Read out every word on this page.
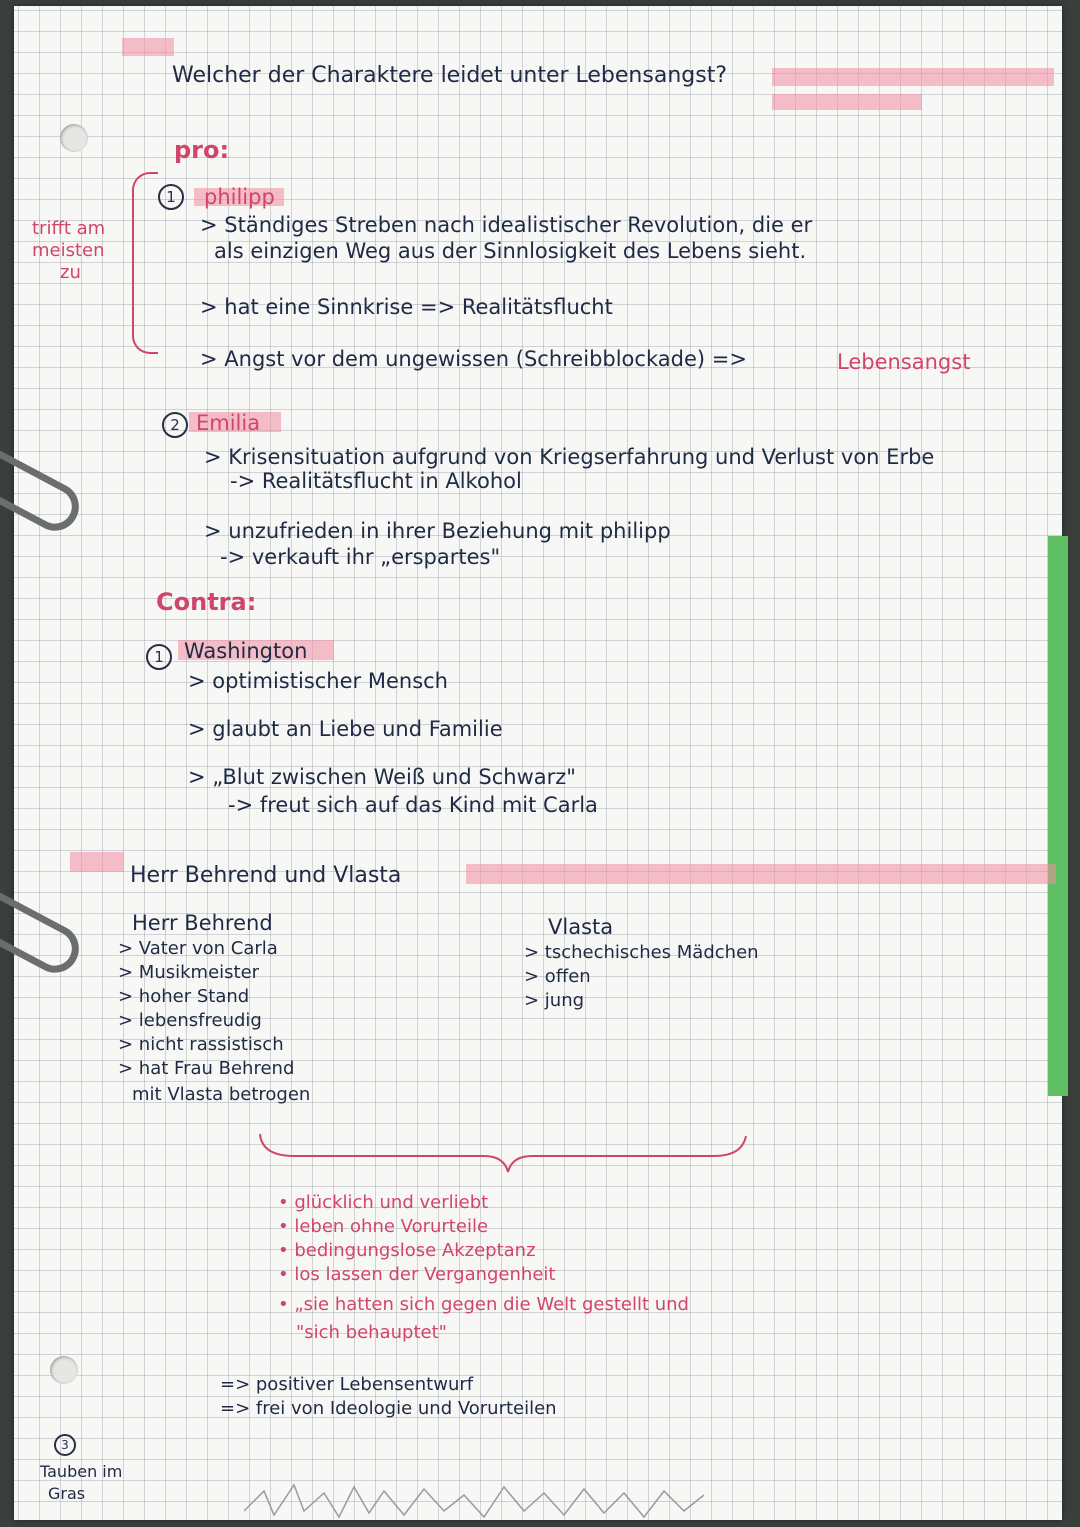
Welcher der Charaktere leidet unter Lebensangst?
pro:
trifft am
meisten
zu
1	philipp
> Ständiges Streben nach idealistischer Revolution, die er
als einzigen Weg aus der Sinnlosigkeit des Lebens sieht.
> hat eine Sinnkrise => Realitätsflucht
> Angst vor dem ungewissen (Schreibblockade) =>	Lebensangst
2 Emilia
> Krisensituation aufgrund von Kriegserfahrung und Verlust von Erbe
-> Realitätsflucht in Alkohol
> unzufrieden in ihrer Beziehung mit philipp
-> verkauft ihr „erspartes"
Contra:
1 Washington
> optimistischer Mensch
> glaubt an Liebe und Familie
> „Blut zwischen Weiß und Schwarz"
-> freut sich auf das Kind mit Carla
Herr Behrend und Vlasta
Herr Behrend
> Vater von Carla
> Musikmeister
> hoher Stand
> lebensfreudig
> nicht rassistisch
> hat Frau Behrend
mit Vlasta betrogen
Vlasta
> tschechisches Mädchen
> offen
> jung
• glücklich und verliebt
• leben ohne Vorurteile
• bedingungslose Akzeptanz
• los lassen der Vergangenheit
• „sie hatten sich gegen die Welt gestellt und
"sich behauptet"
=> positiver Lebensentwurf
=> frei von Ideologie und Vorurteilen
3
Tauben im
Gras
